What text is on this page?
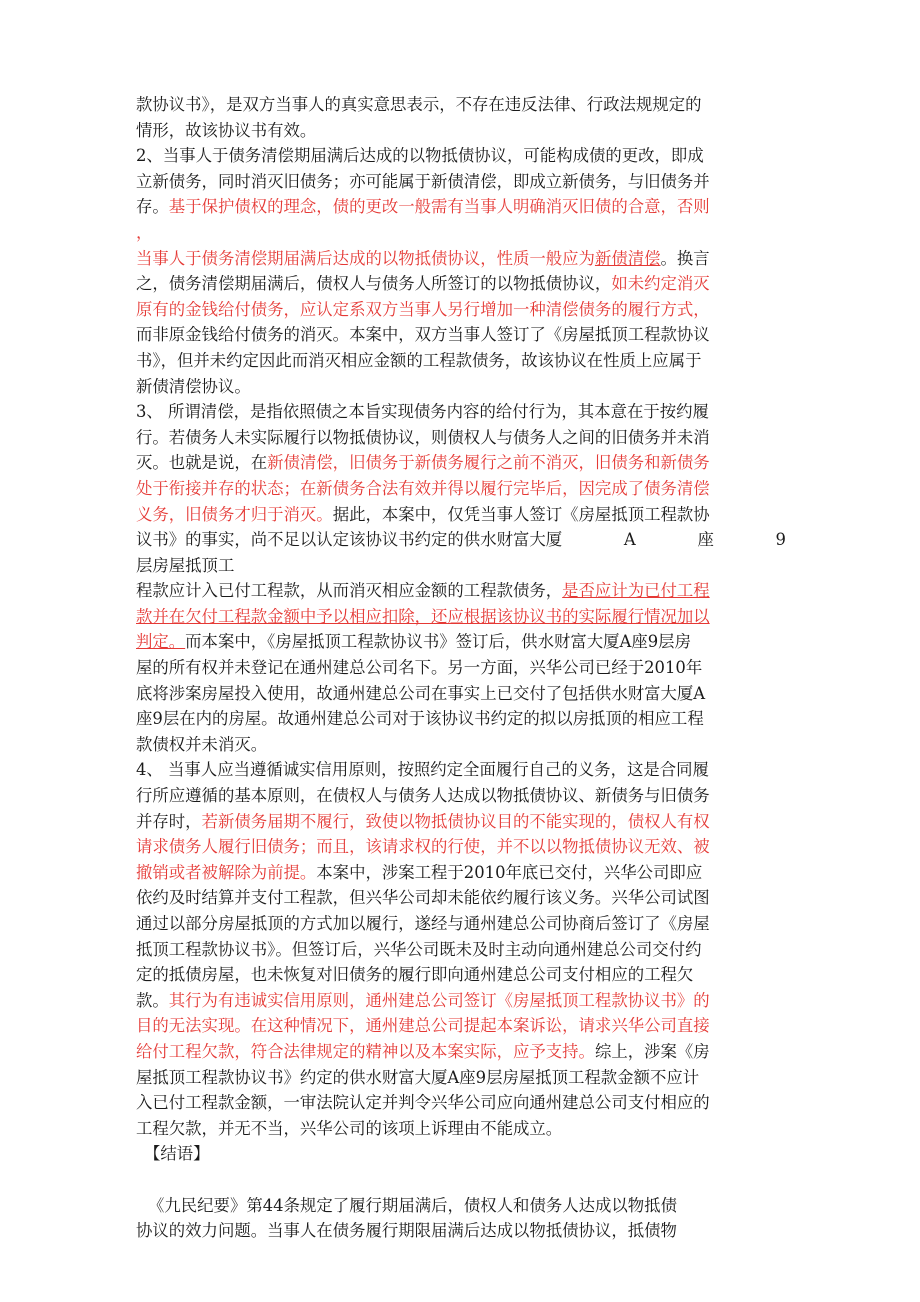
款协议书》，是双方当事人的真实意思表示，不存在违反法律、行政法规规定的
情形，故该协议书有效。
2、当事人于债务清偿期届满后达成的以物抵债协议，可能构成债的更改，即成
立新债务，同时消灭旧债务；亦可能属于新债清偿，即成立新债务，与旧债务并
存。基于保护债权的理念，债的更改一般需有当事人明确消灭旧债的合意，否则
，
当事人于债务清偿期届满后达成的以物抵债协议，性质一般应为新债清偿。换言
之，债务清偿期届满后，债权人与债务人所签订的以物抵债协议，如未约定消灭
原有的金钱给付债务，应认定系双方当事人另行增加一种清偿债务的履行方式，
而非原金钱给付债务的消灭。本案中，双方当事人签订了《房屋抵顶工程款协议
书》，但并未约定因此而消灭相应金额的工程款债务，故该协议在性质上应属于
新债清偿协议。
3、 所谓清偿，是指依照债之本旨实现债务内容的给付行为，其本意在于按约履
行。若债务人未实际履行以物抵债协议，则债权人与债务人之间的旧债务并未消
灭。也就是说，在新债清偿，旧债务于新债务履行之前不消灭，旧债务和新债务
处于衔接并存的状态；在新债务合法有效并得以履行完毕后，因完成了债务清偿
义务，旧债务才归于消灭。据此，本案中，仅凭当事人签订《房屋抵顶工程款协
议书》的事实，尚不足以认定该协议书约定的供水财富大厦	A	座	9
层房屋抵顶工
程款应计入已付工程款，从而消灭相应金额的工程款债务，是否应计为已付工程
款并在欠付工程款金额中予以相应扣除，还应根据该协议书的实际履行情况加以
判定。而本案中，《房屋抵顶工程款协议书》签订后，供水财富大厦A座9层房
屋的所有权并未登记在通州建总公司名下。另一方面，兴华公司已经于2010年
底将涉案房屋投入使用，故通州建总公司在事实上已交付了包括供水财富大厦A
座9层在内的房屋。故通州建总公司对于该协议书约定的拟以房抵顶的相应工程
款债权并未消灭。
4、 当事人应当遵循诚实信用原则，按照约定全面履行自己的义务，这是合同履
行所应遵循的基本原则，在债权人与债务人达成以物抵债协议、新债务与旧债务
并存时，若新债务届期不履行，致使以物抵债协议目的不能实现的，债权人有权
请求债务人履行旧债务；而且，该请求权的行使，并不以以物抵债协议无效、被
撤销或者被解除为前提。本案中，涉案工程于2010年底已交付，兴华公司即应
依约及时结算并支付工程款，但兴华公司却未能依约履行该义务。兴华公司试图
通过以部分房屋抵顶的方式加以履行，遂经与通州建总公司协商后签订了《房屋
抵顶工程款协议书》。但签订后，兴华公司既未及时主动向通州建总公司交付约
定的抵债房屋，也未恢复对旧债务的履行即向通州建总公司支付相应的工程欠
款。其行为有违诚实信用原则，通州建总公司签订《房屋抵顶工程款协议书》的
目的无法实现。在这种情况下，通州建总公司提起本案诉讼，请求兴华公司直接
给付工程欠款，符合法律规定的精神以及本案实际，应予支持。综上，涉案《房
屋抵顶工程款协议书》约定的供水财富大厦A座9层房屋抵顶工程款金额不应计
入已付工程款金额，一审法院认定并判令兴华公司应向通州建总公司支付相应的
工程欠款，并无不当，兴华公司的该项上诉理由不能成立。
【结语】
《九民纪要》第44条规定了履行期届满后，债权人和债务人达成以物抵债
协议的效力问题。当事人在债务履行期限届满后达成以物抵债协议，抵债物
